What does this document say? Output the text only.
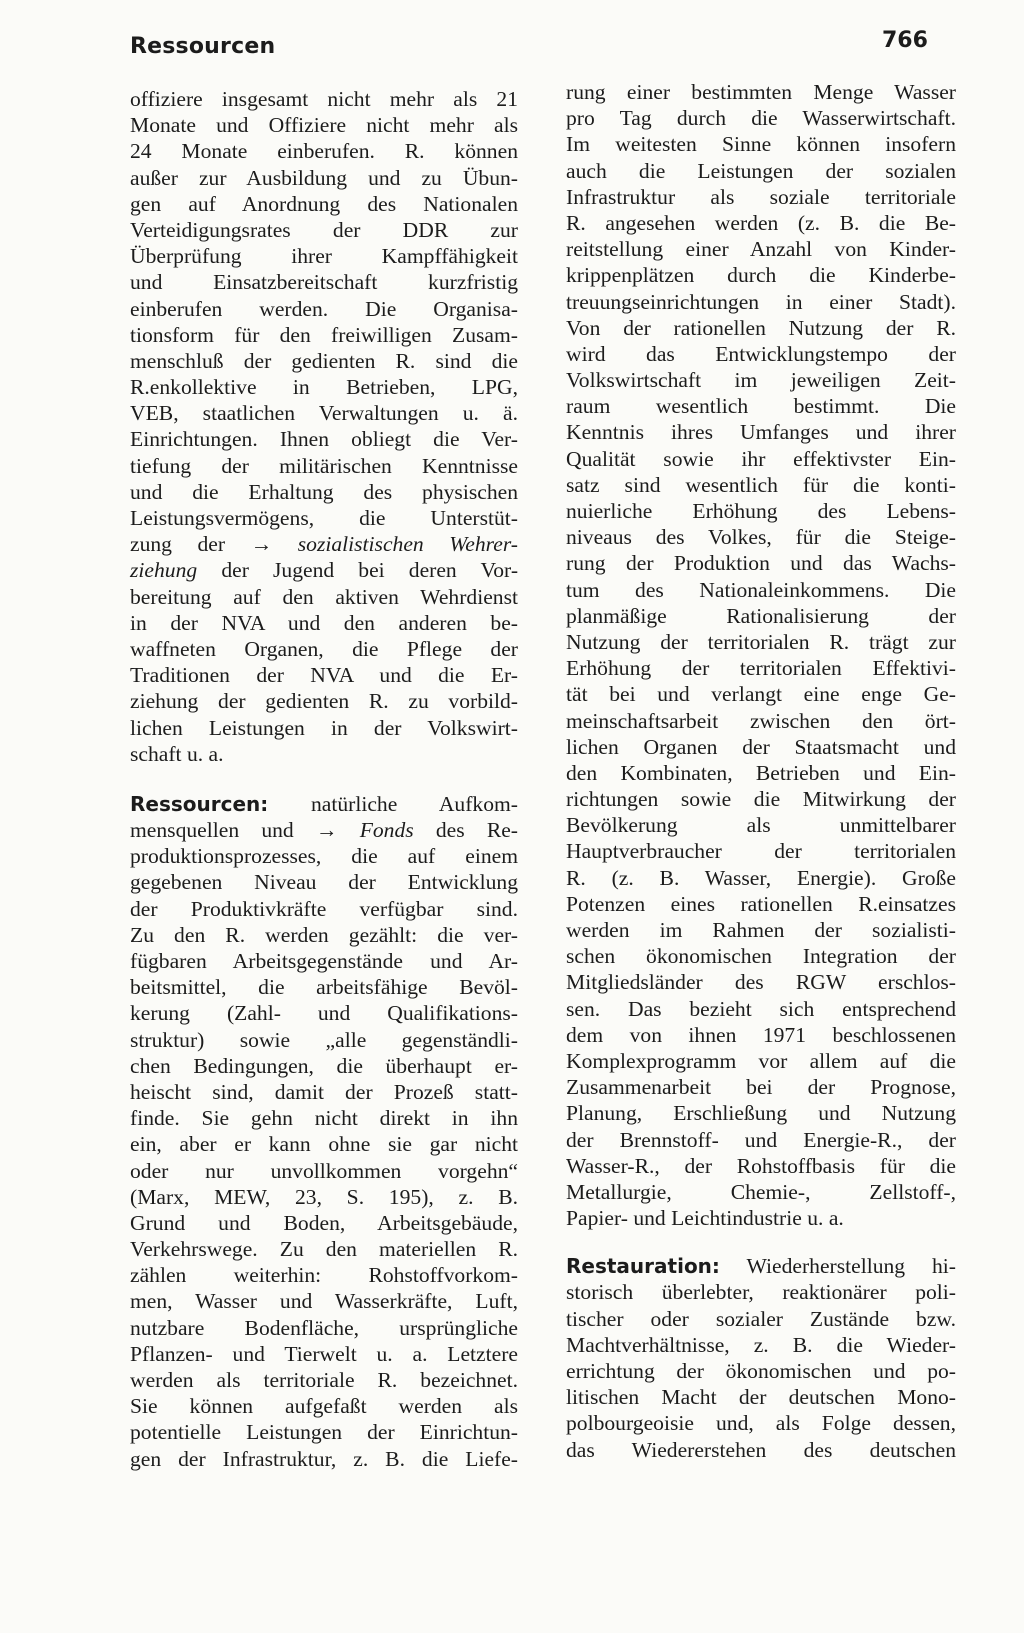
Ressourcen	766
offiziere insgesamt nicht mehr als 21
Monate und Offiziere nicht mehr als
24 Monate einberufen. R. können
außer zur Ausbildung und zu Übun-
gen auf Anordnung des Nationalen
Verteidigungsrates der DDR zur
Überprüfung ihrer Kampffähigkeit
und Einsatzbereitschaft kurzfristig
einberufen werden. Die Organisa-
tionsform für den freiwilligen Zusam-
menschluß der gedienten R. sind die
R.enkollektive in Betrieben, LPG,
VEB, staatlichen Verwaltungen u. ä.
Einrichtungen. Ihnen obliegt die Ver-
tiefung der militärischen Kenntnisse
und die Erhaltung des physischen
Leistungsvermögens, die Unterstüt-
zung der → sozialistischen Wehrer-
ziehung der Jugend bei deren Vor-
bereitung auf den aktiven Wehrdienst
in der NVA und den anderen be-
waffneten Organen, die Pflege der
Traditionen der NVA und die Er-
ziehung der gedienten R. zu vorbild-
lichen Leistungen in der Volkswirt-
schaft u. a.
Ressourcen: natürliche Aufkom-
mensquellen und → Fonds des Re-
produktionsprozesses, die auf einem
gegebenen Niveau der Entwicklung
der Produktivkräfte verfügbar sind.
Zu den R. werden gezählt: die ver-
fügbaren Arbeitsgegenstände und Ar-
beitsmittel, die arbeitsfähige Bevöl-
kerung (Zahl- und Qualifikations-
struktur) sowie „alle gegenständli-
chen Bedingungen, die überhaupt er-
heischt sind, damit der Prozeß statt-
finde. Sie gehn nicht direkt in ihn
ein, aber er kann ohne sie gar nicht
oder nur unvollkommen vorgehn“
(Marx, MEW, 23, S. 195), z. B.
Grund und Boden, Arbeitsgebäude,
Verkehrswege. Zu den materiellen R.
zählen weiterhin: Rohstoffvorkom-
men, Wasser und Wasserkräfte, Luft,
nutzbare Bodenfläche, ursprüngliche
Pflanzen- und Tierwelt u. a. Letztere
werden als territoriale R. bezeichnet.
Sie können aufgefaßt werden als
potentielle Leistungen der Einrichtun-
gen der Infrastruktur, z. B. die Liefe-
rung einer bestimmten Menge Wasser
pro Tag durch die Wasserwirtschaft.
Im weitesten Sinne können insofern
auch die Leistungen der sozialen
Infrastruktur als soziale territoriale
R. angesehen werden (z. B. die Be-
reitstellung einer Anzahl von Kinder-
krippenplätzen durch die Kinderbe-
treuungseinrichtungen in einer Stadt).
Von der rationellen Nutzung der R.
wird das Entwicklungstempo der
Volkswirtschaft im jeweiligen Zeit-
raum wesentlich bestimmt. Die
Kenntnis ihres Umfanges und ihrer
Qualität sowie ihr effektivster Ein-
satz sind wesentlich für die konti-
nuierliche Erhöhung des Lebens-
niveaus des Volkes, für die Steige-
rung der Produktion und das Wachs-
tum des Nationaleinkommens. Die
planmäßige Rationalisierung der
Nutzung der territorialen R. trägt zur
Erhöhung der territorialen Effektivi-
tät bei und verlangt eine enge Ge-
meinschaftsarbeit zwischen den ört-
lichen Organen der Staatsmacht und
den Kombinaten, Betrieben und Ein-
richtungen sowie die Mitwirkung der
Bevölkerung als unmittelbarer
Hauptverbraucher der territorialen
R. (z. B. Wasser, Energie). Große
Potenzen eines rationellen R.einsatzes
werden im Rahmen der sozialisti-
schen ökonomischen Integration der
Mitgliedsländer des RGW erschlos-
sen. Das bezieht sich entsprechend
dem von ihnen 1971 beschlossenen
Komplexprogramm vor allem auf die
Zusammenarbeit bei der Prognose,
Planung, Erschließung und Nutzung
der Brennstoff- und Energie-R., der
Wasser-R., der Rohstoffbasis für die
Metallurgie, Chemie-, Zellstoff-,
Papier- und Leichtindustrie u. a.
Restauration: Wiederherstellung hi-
storisch überlebter, reaktionärer poli-
tischer oder sozialer Zustände bzw.
Machtverhältnisse, z. B. die Wieder-
errichtung der ökonomischen und po-
litischen Macht der deutschen Mono-
polbourgeoisie und, als Folge dessen,
das Wiedererstehen des deutschen
